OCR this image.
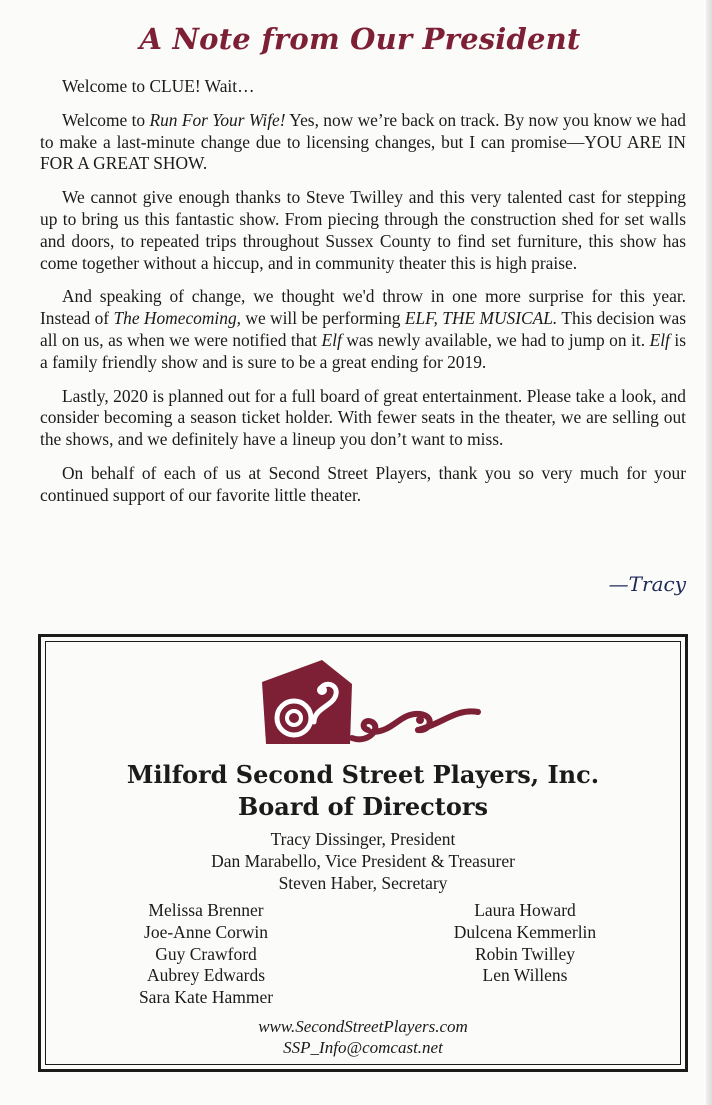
A Note from Our President

Welcome to CLUE! Wait…

Welcome to Run For Your Wife! Yes, now we’re back on track. By now you know we had to make a last-minute change due to licensing changes, but I can promise—YOU ARE IN FOR A GREAT SHOW.

We cannot give enough thanks to Steve Twilley and this very talented cast for stepping up to bring us this fantastic show. From piecing through the construction shed for set walls and doors, to repeated trips throughout Sussex County to find set furniture, this show has come together without a hiccup, and in community theater this is high praise.

And speaking of change, we thought we'd throw in one more surprise for this year. Instead of The Homecoming, we will be performing ELF, THE MUSICAL. This decision was all on us, as when we were notified that Elf was newly available, we had to jump on it. Elf is a family friendly show and is sure to be a great ending for 2019.

Lastly, 2020 is planned out for a full board of great entertainment. Please take a look, and consider becoming a season ticket holder. With fewer seats in the theater, we are selling out the shows, and we definitely have a lineup you don’t want to miss.

On behalf of each of us at Second Street Players, thank you so very much for your continued support of our favorite little theater.

—Tracy

Milford Second Street Players, Inc.
Board of Directors
Tracy Dissinger, President
Dan Marabello, Vice President & Treasurer
Steven Haber, Secretary
Melissa Brenner
Joe-Anne Corwin
Guy Crawford
Aubrey Edwards
Sara Kate Hammer
Laura Howard
Dulcena Kemmerlin
Robin Twilley
Len Willens
www.SecondStreetPlayers.com
SSP_Info@comcast.net
